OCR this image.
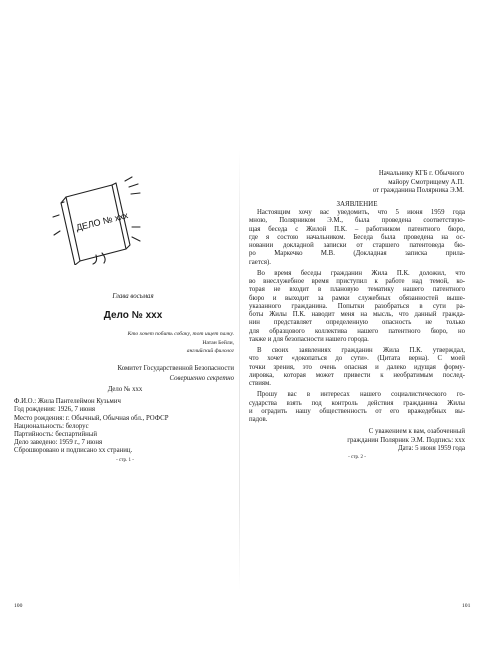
ДЕЛО № xxx
Глава восьмая
Дело № xxx
Кто хочет побить собаку, тот ищет палку.
Натан Бейли,
английский филолог
Комитет Государственной Безопасности
Совершенно секретно
Дело № xxx
Ф.И.О.: Жила Пантелеймон Кузьмич
Год рождения: 1926, 7 июня
Место рождения: г. Обычный, Обычная обл., РОФСР
Национальность: белорус
Партийность: беспартийный
Дело заведено: 1959 г., 7 июня
Сброшюровано и подписано хх страниц.
- стр. 1 -
100
Начальнику КГБ г. Обычного
майору Смотрищему А.П.
от гражданина Полярника Э.М.
ЗАЯВЛЕНИЕ
Настоящим хочу вас уведомить, что 5 июня 1959 года
мною, Полярником Э.М., была проведена соответствую-
щая беседа с Жилой П.К. – работником патентного бюро,
где я состою начальником. Беседа была проведена на ос-
новании докладной записки от старшего патентоведа бю-
ро Маркечко М.В. (Докладная записка прила-
гается).
Во время беседы гражданин Жила П.К. доложил, что
во внеслужебное время приступил к работе над темой, ко-
торая не входит в плановую тематику нашего патентного
бюро и выходит за рамки служебных обязанностей выше-
указанного гражданина. Попытки разобраться в сути ра-
боты Жилы П.К. наводит меня на мысль, что данный гражда-
нин представляет определенную опасность не только
для образцового коллектива нашего патентного бюро, но
также и для безопасности нашего города.
В своих заявлениях гражданин Жила П.К. утверждал,
что хочет «докопаться до сути». (Цитата верна). С моей
точки зрения, это очень опасная и далеко идущая форму-
лировка, которая может привести к необратимым послед-
ствиям.
Прошу вас в интересах нашего социалистического го-
сударства взять под контроль действия гражданина Жилы
и оградить нашу общественность от его вражедебных вы-
падов.
С уважением к вам, озабоченный
гражданин Полярник Э.М. Подпись: xxx
Дата: 5 июня 1959 года
- стр. 2 -
101
